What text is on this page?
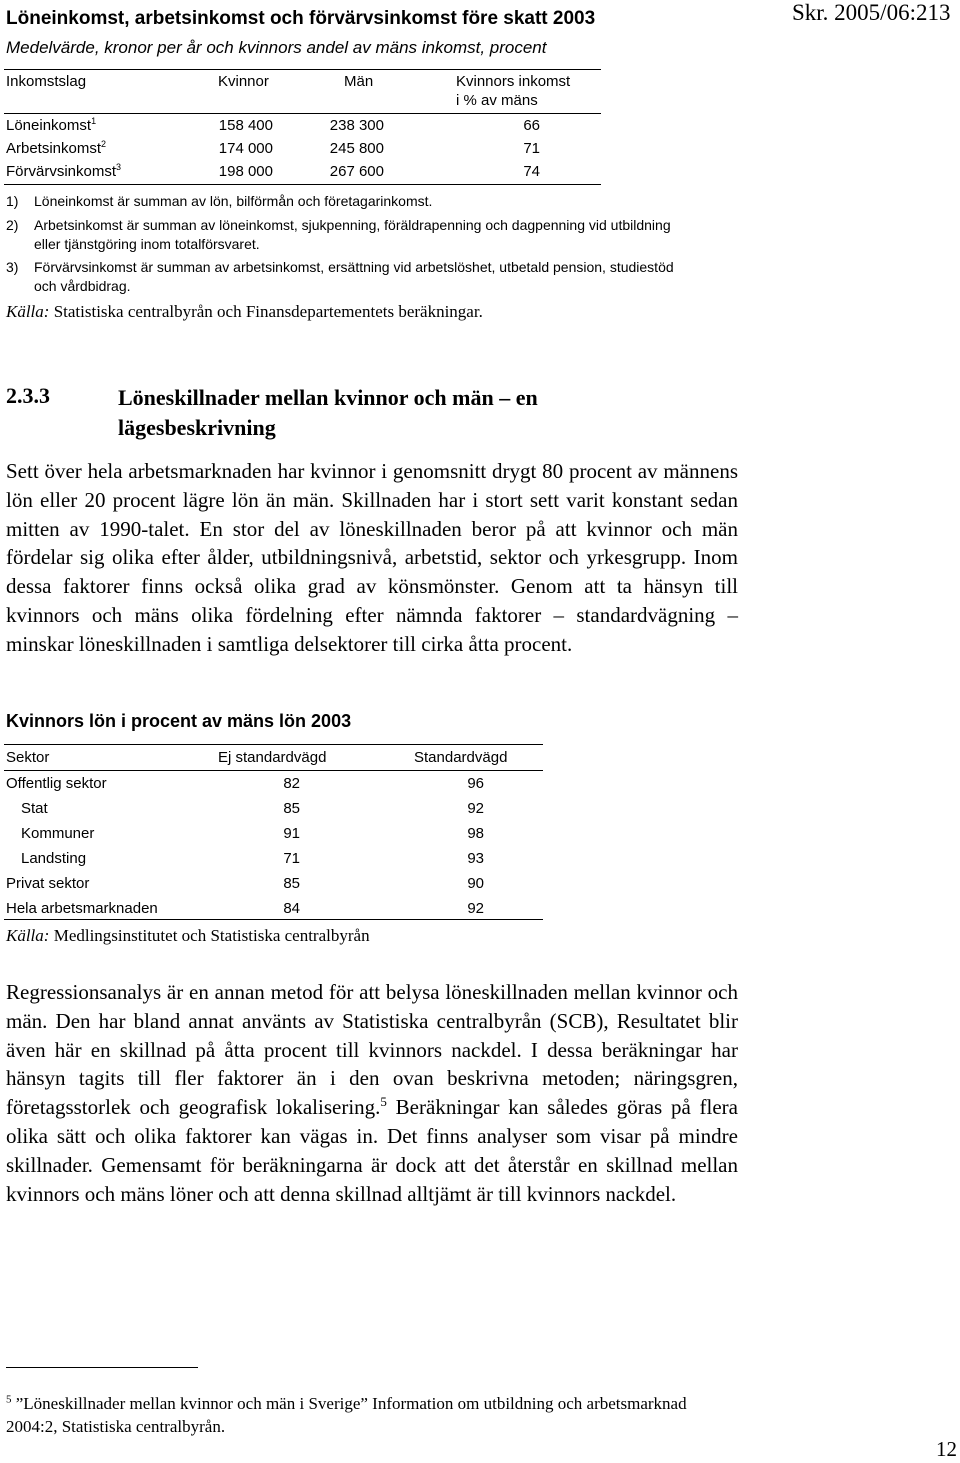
Löneinkomst, arbetsinkomst och förvärvsinkomst före skatt 2003
Medelvärde, kronor per år och kvinnors andel av mäns inkomst, procent
Skr. 2005/06:213
Inkomstslag	Kvinnor	Män	Kvinnors inkomst
i % av mäns
Löneinkomst$^1$	158 400	238 300	66
Arbetsinkomst$^2$	174 000	245 800	71
Förvärvsinkomst$^3$	198 000	267 600	74
1) Löneinkomst är summan av lön, bilförmån och företagarinkomst.
2) Arbetsinkomst är summan av löneinkomst, sjukpenning, föräldrapenning och dagpenning vid utbildning eller tjänstgöring inom totalförsvaret.
3) Förvärvsinkomst är summan av arbetsinkomst, ersättning vid arbetslöshet, utbetald pension, studiestöd och vårdbidrag.
Källa: Statistiska centralbyrån och Finansdepartementets beräkningar.
2.3.3	Löneskillnader mellan kvinnor och män – en lägesbeskrivning
Sett över hela arbetsmarknaden har kvinnor i genomsnitt drygt 80 procent av männens lön eller 20 procent lägre lön än män. Skillnaden har i stort sett varit konstant sedan mitten av 1990-talet. En stor del av löneskillnaden beror på att kvinnor och män fördelar sig olika efter ålder, utbildningsnivå, arbetstid, sektor och yrkesgrupp. Inom dessa faktorer finns också olika grad av könsmönster. Genom att ta hänsyn till kvinnors och mäns olika fördelning efter nämnda faktorer – standardvägning – minskar löneskillnaden i samtliga delsektorer till cirka åtta procent.
Kvinnors lön i procent av mäns lön 2003
Sektor	Ej standardvägd	Standardvägd
Offentlig sektor	82	96
Stat	85	92
Kommuner	91	98
Landsting	71	93
Privat sektor	85	90
Hela arbetsmarknaden	84	92
Källa: Medlingsinstitutet och Statistiska centralbyrån
Regressionsanalys är en annan metod för att belysa löneskillnaden mellan kvinnor och män. Den har bland annat använts av Statistiska centralbyrån (SCB), Resultatet blir även här en skillnad på åtta procent till kvinnors nackdel. I dessa beräkningar har hänsyn tagits till fler faktorer än i den ovan beskrivna metoden; näringsgren, företagsstorlek och geografisk lokalisering.$^5$ Beräkningar kan således göras på flera olika sätt och olika faktorer kan vägas in. Det finns analyser som visar på mindre skillnader. Gemensamt för beräkningarna är dock att det återstår en skillnad mellan kvinnors och mäns löner och att denna skillnad alltjämt är till kvinnors nackdel.
$^5$ ”Löneskillnader mellan kvinnor och män i Sverige” Information om utbildning och arbetsmarknad 2004:2, Statistiska centralbyrån.
12
